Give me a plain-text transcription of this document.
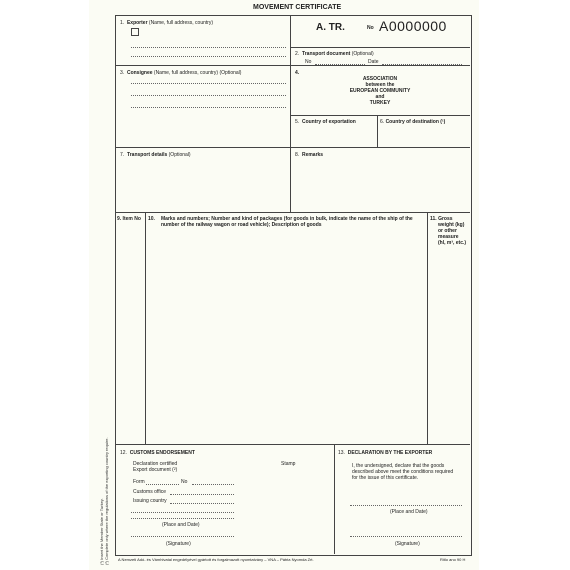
MOVEMENT CERTIFICATE
1. Exporter (Name, full address, country)	A. TR.	No A0000000
2. Transport document (Optional)
No	Date
3. Consignee (Name, full address, country) (Optional)	4.
ASSOCIATION
between the
EUROPEAN COMMUNITY
and
TURKEY
5. Country of exportation	6. Country of destination (¹)
7. Transport details (Optional)	8. Remarks
9. Item No 10. Marks and numbers; Number and kind of packages (for goods in bulk, indicate the name of the ship of the
number of the railway wagon or road vehicle); Description of goods
11. Gross
weight (kg)
or other
measure
(hl, m³, etc.)
12. CUSTOMS ENDORSEMENT
Declaration certified
Export document (²)
Form	No
Customs office
Issuing country
Stamp
(Place and Date)
(Signature)
13. DECLARATION BY THE EXPORTER
I, the undersigned, declare that the goods
described above meet the conditions required
for the issue of this certificate.
(Place and Date)
(Signature)
(¹) Insert the Member State or Turkey. (²) Complete only where the regulations of the exporting country require. A Nemzeti Adó- és Vámhivatal engedélyével gyártott és forgalmazott nyomtatvány – VNA – Pátria Nyomda Zrt.	Ritlo ano 90 H
